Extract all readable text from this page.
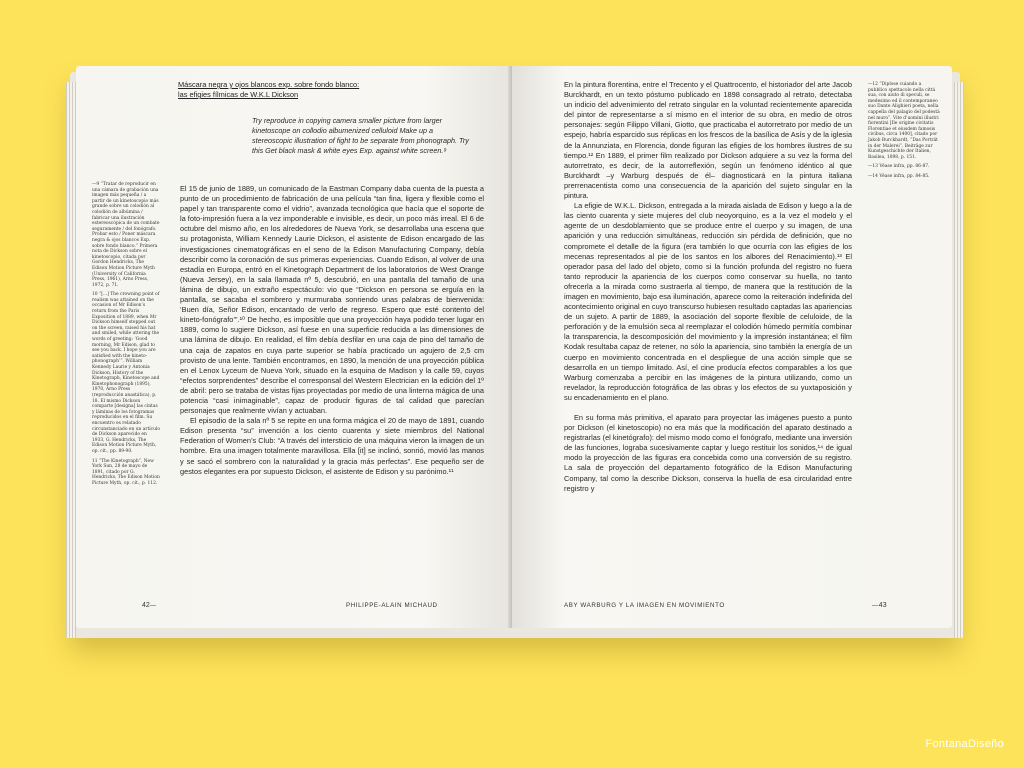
Máscara negra y ojos blancos exp. sobre fondo blanco:
las efigies fílmicas de W.K.L Dickson
Try reproduce in copying camera smaller picture from larger kinetoscope on collodio albumenized celluloid Make up a stereoscopic illustration of fight to be separate from phonograph. Try this Get black mask & white eyes Exp. against white screen.⁹

—9 “Tratar de reproducir en una cámara de grabación una imagen más pequeña / a partir de un kinetoscopio más grande sobre un colodión al colodión de albúmina / fabricar una ilustración estereoscópica de un combate seguramente / del fonógrafo. Probar esto / Poner máscara negra & ojos blancos Exp. sobre fondo blanco.” Primera nota de Dickson sobre el kinetoscopio, citada por Gordon Hendricks, The Edison Motion Picture Myth (University of California Press, 1961), Arno Press, 1972, p. 71.

10 “[...] The crowning point of realism was attained on the occasion of Mr Edison’s return from the Paris Exposition of 1889, when Mr Dickson himself stepped out on the screen, raised his hat and smiled, while uttering the words of greeting: ‘Good morning, Mr Edison, glad to see you back. I hope you are satisfied with the kineto-phonograph’”. William Kennedy Laurie y Antonia Dickson, History of the Kinetograph, Kinetoscope and Kinetophonograph (1895), 1970, Arno Press (reproducción anastática), p. 18. El mismo Dickson comparte [designa] las cintas y láminas de los fotogramas reproducidos en el film. Su encuentro es relatado circunstanciado en un artículo de Dickson aparecido en 1933, G. Hendricks, The Edison Motion Picture Myth, op. cit., pp. 89-90.

11 “The Kinetograph”, New York Sun, 28 de mayo de 1891, citado por G. Hendricks, The Edison Motion Picture Myth, op. cit., p. 112.

El 15 de junio de 1889, un comunicado de la Eastman Company daba cuenta de la puesta a punto de un procedimiento de fabricación de una película “tan fina, ligera y flexible como el papel y tan transparente como el vidrio”, avanzada tecnológica que hacía que el soporte de la foto-impresión fuera a la vez imponderable e invisible, es decir, un poco más irreal. El 6 de octubre del mismo año, en los alrededores de Nueva York, se desarrollaba una escena que su protagonista, William Kennedy Laurie Dickson, el asistente de Edison encargado de las investigaciones cinematográficas en el seno de la Edison Manufacturing Company, debía describir como la coronación de sus primeras experiencias. Cuando Edison, al volver de una estadía en Europa, entró en el Kinetograph Department de los laboratorios de West Orange (Nueva Jersey), en la sala llamada nº 5, descubrió, en una pantalla del tamaño de una lámina de dibujo, un extraño espectáculo: vio que “Dickson en persona se erguía en la pantalla, se sacaba el sombrero y murmuraba sonriendo unas palabras de bienvenida: ‘Buen día, Señor Edison, encantado de verlo de regreso. Espero que esté contento del kineto-fonógrafo’”.¹⁰ De hecho, es imposible que una proyección haya podido tener lugar en 1889, como lo sugiere Dickson, así fuese en una superficie reducida a las dimensiones de una lámina de dibujo. En realidad, el film debía desfilar en una caja de pino del tamaño de una caja de zapatos en cuya parte superior se había practicado un agujero de 2,5 cm provisto de una lente. También encontramos, en 1890, la mención de una proyección pública en el Lenox Lyceum de Nueva York, situado en la esquina de Madison y la calle 59, cuyos “efectos sorprendentes” describe el corresponsal del Western Electrician en la edición del 1º de abril: pero se trataba de vistas fijas proyectadas por medio de una linterna mágica de una potencia “casi inimaginable”, capaz de producir figuras de tal calidad que parecían personajes que realmente vivían y actuaban.

El episodio de la sala nº 5 se repite en una forma mágica el 20 de mayo de 1891, cuando Edison presenta “su” invención a los ciento cuarenta y siete miembros del National Federation of Women’s Club: “A través del intersticio de una máquina vieron la imagen de un hombre. Era una imagen totalmente maravillosa. Ella [it] se inclinó, sonrió, movió las manos y se sacó el sombrero con la naturalidad y la gracia más perfectas”. Ese pequeño ser de gestos elegantes era por supuesto Dickson, el asistente de Edison y su parónimo.¹¹

42—	PHILIPPE-ALAIN MICHAUD

En la pintura florentina, entre el Trecento y el Quattrocento, el historiador del arte Jacob Burckhardt, en un texto póstumo publicado en 1898 consagrado al retrato, detectaba un indicio del advenimiento del retrato singular en la voluntad recientemente aparecida del pintor de representarse a sí mismo en el interior de su obra, en medio de otros personajes: según Filippo Villani, Giotto, que practicaba el autorretrato por medio de un espejo, habría esparcido sus réplicas en los frescos de la basílica de Asís y de la iglesia de la Annunziata, en Florencia, donde figuran las efigies de los hombres ilustres de su tiempo.¹² En 1889, el primer film realizado por Dickson adquiere a su vez la forma del autorretrato, es decir, de la autorreflexión, según un fenómeno idéntico al que Burckhardt –y Warburg después de él– diagnosticará en la pintura italiana prerrenacentista como una consecuencia de la aparición del sujeto singular en la pintura.

La efigie de W.K.L. Dickson, entregada a la mirada aislada de Edison y luego a la de las ciento cuarenta y siete mujeres del club neoyorquino, es a la vez el modelo y el agente de un desdoblamiento que se produce entre el cuerpo y su imagen, de una aparición y una reducción simultáneas, reducción sin pérdida de definición, que no compromete el detalle de la figura (era también lo que ocurría con las efigies de los mecenas representados al pie de los santos en los albores del Renacimiento).¹³ El operador pasa del lado del objeto, como si la función profunda del registro no fuera tanto reproducir la apariencia de los cuerpos como conservar su huella, no tanto ofrecerla a la mirada como sustraerla al tiempo, de manera que la restitución de la imagen en movimiento, bajo esa iluminación, aparece como la reiteración indefinida del acontecimiento original en cuyo transcurso hubiesen resultado captadas las apariencias de un sujeto. A partir de 1889, la asociación del soporte flexible de celuloide, de la perforación y de la emulsión seca al reemplazar el colodión húmedo permitía combinar la transparencia, la descomposición del movimiento y la impresión instantánea; el film Kodak resultaba capaz de retener, no sólo la apariencia, sino también la energía de un cuerpo en movimiento concentrada en el despliegue de una acción simple que se desarrolla en un tiempo limitado. Así, el cine producía efectos comparables a los que Warburg comenzaba a percibir en las imágenes de la pintura utilizando, como un revelador, la reproducción fotográfica de las obras y los efectos de su yuxtaposición y su encadenamiento en el plano.

En su forma más primitiva, el aparato para proyectar las imágenes puesto a punto por Dickson (el kinetoscopio) no era más que la modificación del aparato destinado a registrarlas (el kinetógrafo): del mismo modo como el fonógrafo, mediante una inversión de las funciones, lograba sucesivamente captar y luego restituir los sonidos,¹⁴ de igual modo la proyección de las figuras era concebida como una conversión de su registro. La sala de proyección del departamento fotográfico de la Edison Manufacturing Company, tal como la describe Dickson, conserva la huella de esa circularidad entre registro y

—12 “Diplose cuiando a pubblico spettacolo nella cittá sua, con aiuto di speculi, se medesimo ed il contemporaneo suo Dante Alighieri poeta, nella cappella del palagio del podestà nel muro”. Vite d’uomini illustri fiorentini [Ile origine civitatis Florentiae et eiusdem famosis civibus, circa 1400], citado por Jakob Burckhardt, “Das Porträt in der Malerei”, Beiträge zur Kunstgeschichte der Italien, Basilea, 1898, p. 151.

—13 Véase infra, pp. 86-87.

—14 Véase infra, pp. 84-85.

ABY WARBURG Y LA IMAGEN EN MOVIMIENTO	—43
FontanaDiseño
